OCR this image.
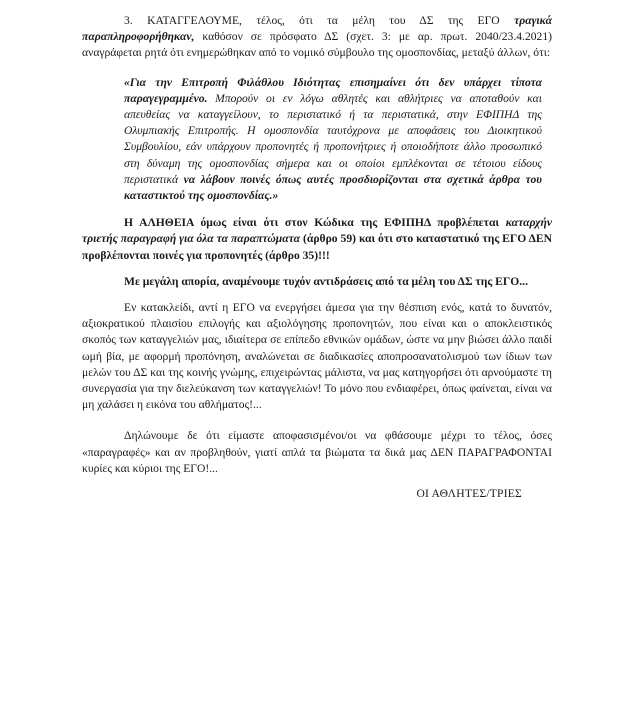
3. ΚΑΤΑΓΓΕΛΟΥΜΕ, τέλος, ότι τα μέλη του ΔΣ της ΕΓΟ τραγικά παραπληροφορήθηκαν, καθόσον σε πρόσφατο ΔΣ (σχετ. 3: με αρ. πρωτ. 2040/23.4.2021) αναγράφεται ρητά ότι ενημερώθηκαν από το νομικό σύμβουλο της ομοσπονδίας, μεταξύ άλλων, ότι:

«Για την Επιτροπή Φιλάθλου Ιδιότητας επισημαίνει ότι δεν υπάρχει τίποτα παραγεγραμμένο. Μπορούν οι εν λόγω αθλητές και αθλήτριες να αποταθούν και απευθείας να καταγγείλουν, το περιστατικό ή τα περιστατικά, στην ΕΦΙΠΗΔ της Ολυμπιακής Επιτροπής. Η ομοσπονδία ταυτόχρονα με αποφάσεις του Διοικητικού Συμβουλίου, εάν υπάρχουν προπονητές ή προπονήτριες ή οποιοδήποτε άλλο προσωπικό στη δύναμη της ομοσπονδίας σήμερα και οι οποίοι εμπλέκονται σε τέτοιου είδους περιστατικά να λάβουν ποινές όπως αυτές προσδιορίζονται στα σχετικά άρθρα του καταστικτού της ομοσπονδίας.»

Η ΑΛΗΘΕΙΑ όμως είναι ότι στον Κώδικα της ΕΦΙΠΗΔ προβλέπεται καταρχήν τριετής παραγραφή για όλα τα παραπτώματα (άρθρο 59) και ότι στο καταστατικό της ΕΓΟ ΔΕΝ προβλέπονται ποινές για προπονητές (άρθρο 35)!!!

Με μεγάλη απορία, αναμένουμε τυχόν αντιδράσεις από τα μέλη του ΔΣ της ΕΓΟ...

Εν κατακλείδι, αντί η ΕΓΟ να ενεργήσει άμεσα για την θέσπιση ενός, κατά το δυνατόν, αξιοκρατικού πλαισίου επιλογής και αξιολόγησης προπονητών, που είναι και ο αποκλειστικός σκοπός των καταγγελιών μας, ιδιαίτερα σε επίπεδο εθνικών ομάδων, ώστε να μην βιώσει άλλο παιδί ωμή βία, με αφορμή προπόνηση, αναλώνεται σε διαδικασίες αποπροσανατολισμού των ίδιων των μελών του ΔΣ και της κοινής γνώμης, επιχειρώντας μάλιστα, να μας κατηγορήσει ότι αρνούμαστε τη συνεργασία για την διελεύκανση των καταγγελιών! Το μόνο που ενδιαφέρει, όπως φαίνεται, είναι να μη χαλάσει η εικόνα του αθλήματος!...

Δηλώνουμε δε ότι είμαστε αποφασισμένοι/οι να φθάσουμε μέχρι το τέλος, όσες «παραγραφές» και αν προβληθούν, γιατί απλά τα βιώματα τα δικά μας ΔΕΝ ΠΑΡΑΓΡΑΦΟΝΤΑΙ κυρίες και κύριοι της ΕΓΟ!...

ΟΙ ΑΘΛΗΤΕΣ/ΤΡΙΕΣ
